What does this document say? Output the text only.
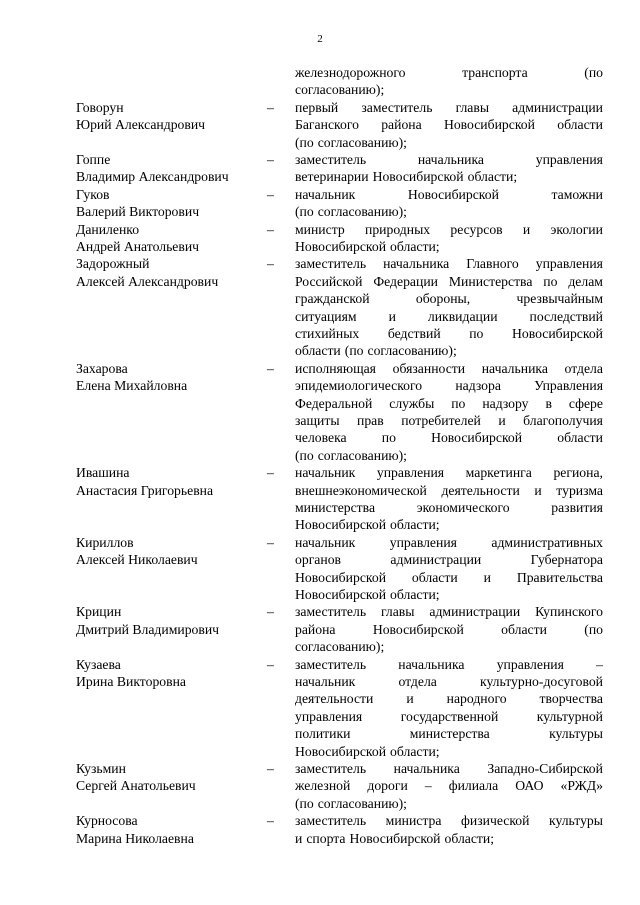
2
железнодорожного	транспорта	(по
согласованию);
Говорун
Юрий Александрович
– первый заместитель главы администрации
Баганского района Новосибирской области
(по согласованию);
Гоппе
Владимир Александрович
– заместитель	начальника	управления
ветеринарии Новосибирской области;
Гуков
Валерий Викторович
– начальник	Новосибирской	таможни
(по согласованию);
Даниленко
Андрей Анатольевич
– министр природных ресурсов и экологии
Новосибирской области;
Задорожный
Алексей Александрович
– заместитель начальника Главного управления
Российской Федерации Министерства по делам
гражданской	обороны,	чрезвычайным
ситуациям и ликвидации последствий
стихийных бедствий по Новосибирской
области (по согласованию);
Захарова
Елена Михайловна
– исполняющая обязанности начальника отдела
эпидемиологического надзора Управления
Федеральной службы по надзору в сфере
защиты прав потребителей и благополучия
человека	по	Новосибирской	области
(по согласованию);
Ивашина
Анастасия Григорьевна
– начальник управления маркетинга региона,
внешнеэкономической деятельности и туризма
министерства	экономического	развития
Новосибирской области;
Кириллов
Алексей Николаевич
– начальник	управления	административных
органов	администрации	Губернатора
Новосибирской области и Правительства
Новосибирской области;
Крицин
Дмитрий Владимирович
– заместитель главы администрации Купинского
района	Новосибирской	области	(по
согласованию);
Кузаева
Ирина Викторовна
– заместитель начальника управления –
начальник	отдела	культурно-досуговой
деятельности и народного творчества
управления	государственной	культурной
политики	министерства	культуры
Новосибирской области;
Кузьмин
Сергей Анатольевич
– заместитель начальника Западно-Сибирской
железной дороги – филиала ОАО «РЖД»
(по согласованию);
Курносова
Марина Николаевна
– заместитель министра физической культуры
и спорта Новосибирской области;
